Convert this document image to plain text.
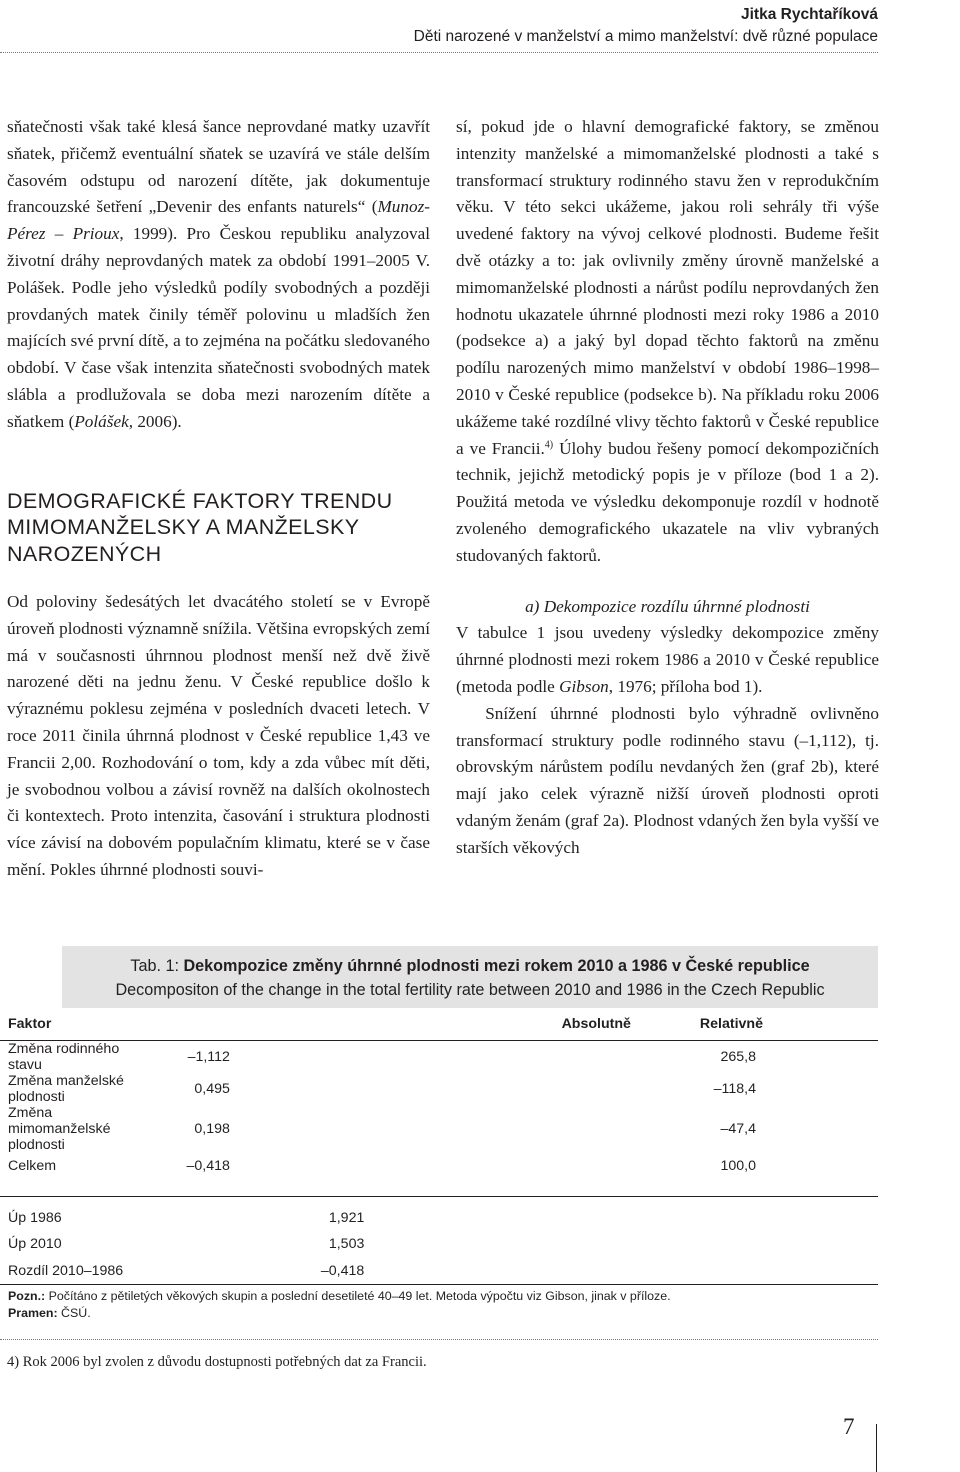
Jitka Rychtaříková
Děti narozené v manželství a mimo manželství: dvě různé populace

sňatečnosti však také klesá šance neprovdané matky uzavřít sňatek, přičemž eventuální sňatek se uzavírá ve stále delším časovém odstupu od narození dítěte, jak dokumentuje francouzské šetření „Devenir des enfants naturels“ (Munoz-Pérez – Prioux, 1999). Pro Českou republiku analyzoval životní dráhy neprovdaných matek za období 1991–2005 V. Polášek. Podle jeho výsledků podíly svobodných a později provdaných matek činily téměř polovinu u mladších žen majících své první dítě, a to zejména na počátku sledovaného období. V čase však intenzita sňatečnosti svobodných matek slábla a prodlužovala se doba mezi narozením dítěte a sňatkem (Polášek, 2006).

DEMOGRAFICKÉ FAKTORY TRENDU MIMOMANŽELSKY A MANŽELSKY NAROZENÝCH

Od poloviny šedesátých let dvacátého století se v Evropě úroveň plodnosti významně snížila. Většina evropských zemí má v současnosti úhrnnou plodnost menší než dvě živě narozené děti na jednu ženu. V České republice došlo k výraznému poklesu zejména v posledních dvaceti letech. V roce 2011 činila úhrnná plodnost v České republice 1,43 ve Francii 2,00. Rozhodování o tom, kdy a zda vůbec mít děti, je svobodnou volbou a závisí rovněž na dalších okolnostech či kontextech. Proto intenzita, časování i struktura plodnosti více závisí na dobovém populačním klimatu, které se v čase mění. Pokles úhrnné plodnosti souvi-

sí, pokud jde o hlavní demografické faktory, se změnou intenzity manželské a mimomanželské plodnosti a také s transformací struktury rodinného stavu žen v reprodukčním věku. V této sekci ukážeme, jakou roli sehrály tři výše uvedené faktory na vývoj celkové plodnosti. Budeme řešit dvě otázky a to: jak ovlivnily změny úrovně manželské a mimomanželské plodnosti a nárůst podílu neprovdaných žen hodnotu ukazatele úhrnné plodnosti mezi roky 1986 a 2010 (podsekce a) a jaký byl dopad těchto faktorů na změnu podílu narozených mimo manželství v období 1986–1998–2010 v České republice (podsekce b). Na příkladu roku 2006 ukážeme také rozdílné vlivy těchto faktorů v České republice a ve Francii.$^{4)}$ Úlohy budou řešeny pomocí dekompozičních technik, jejichž metodický popis je v příloze (bod 1 a 2). Použitá metoda ve výsledku dekomponuje rozdíl v hodnotě zvoleného demografického ukazatele na vliv vybraných studovaných faktorů.

a) Dekompozice rozdílu úhrnné plodnosti

V tabulce 1 jsou uvedeny výsledky dekompozice změny úhrnné plodnosti mezi rokem 1986 a 2010 v České republice (metoda podle Gibson, 1976; příloha bod 1).

Snížení úhrnné plodnosti bylo výhradně ovlivněno transformací struktury podle rodinného stavu (–1,112), tj. obrovským nárůstem podílu nevdaných žen (graf 2b), které mají jako celek výrazně nižší úroveň plodnosti oproti vdaným ženám (graf 2a). Plodnost vdaných žen byla vyšší ve starších věkových

Tab. 1: Dekompozice změny úhrnné plodnosti mezi rokem 2010 a 1986 v České republice
Decompositon of the change in the total fertility rate between 2010 and 1986 in the Czech Republic
Faktor	Absolutně	Relativně
Změna rodinného stavu	–1,112	265,8
Změna manželské plodnosti	0,495	–118,4
Změna mimomanželské plodnosti	0,198	–47,4
Celkem	–0,418	100,0

Úp 1986	1,921	
Úp 2010	1,503	
Rozdíl 2010–1986	–0,418	
Pozn.: Počítáno z pětiletých věkových skupin a poslední desetileté 40–49 let. Metoda výpočtu viz Gibson, jinak v příloze.
Pramen: ČSÚ.
4) Rok 2006 byl zvolen z důvodu dostupnosti potřebných dat za Francii.
7
